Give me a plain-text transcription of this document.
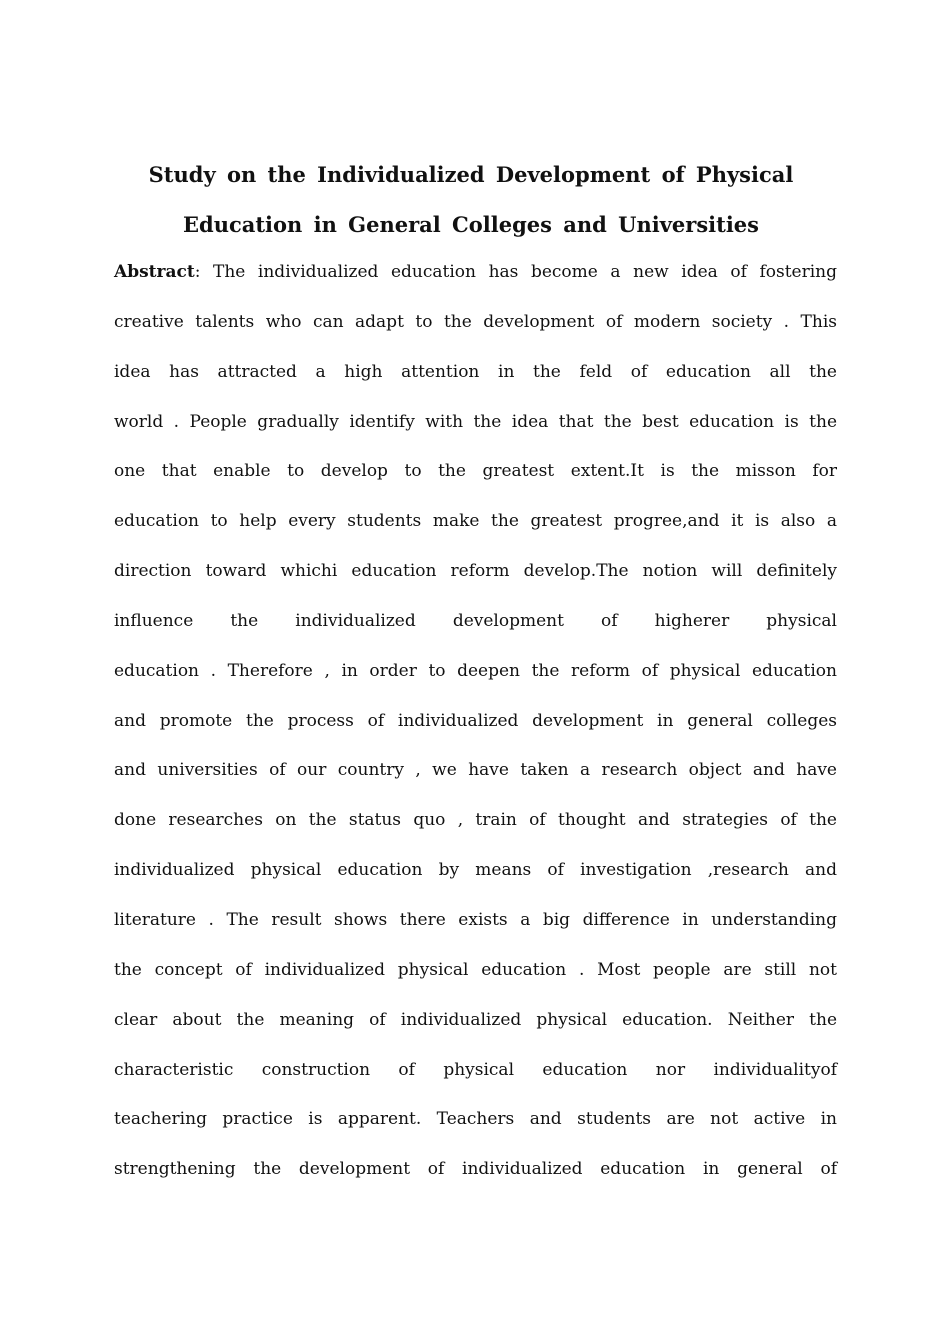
Study on the Individualized Development of Physical
Education in General Colleges and Universities
Abstract: The individualized education has become a new idea of fostering
creative talents who can adapt to the development of modern society . This
idea has attracted a high attention in the feld of education all the
world . People gradually identify with the idea that the best education is the
one that enable to develop to the greatest extent.It is the misson for
education to help every students make the greatest progree,and it is also a
direction toward whichi education reform develop.The notion will definitely
influence the individualized development of higherer physical
education . Therefore , in order to deepen the reform of physical education
and promote the process of individualized development in general colleges
and universities of our country , we have taken a research object and have
done researches on the status quo , train of thought and strategies of the
individualized physical education by means of investigation ,research and
literature . The result shows there exists a big difference in understanding
the concept of individualized physical education . Most people are still not
clear about the meaning of individualized physical education. Neither the
characteristic construction of physical education nor individualityof
teachering practice is apparent. Teachers and students are not active in
strengthening the development of individualized education in general of
